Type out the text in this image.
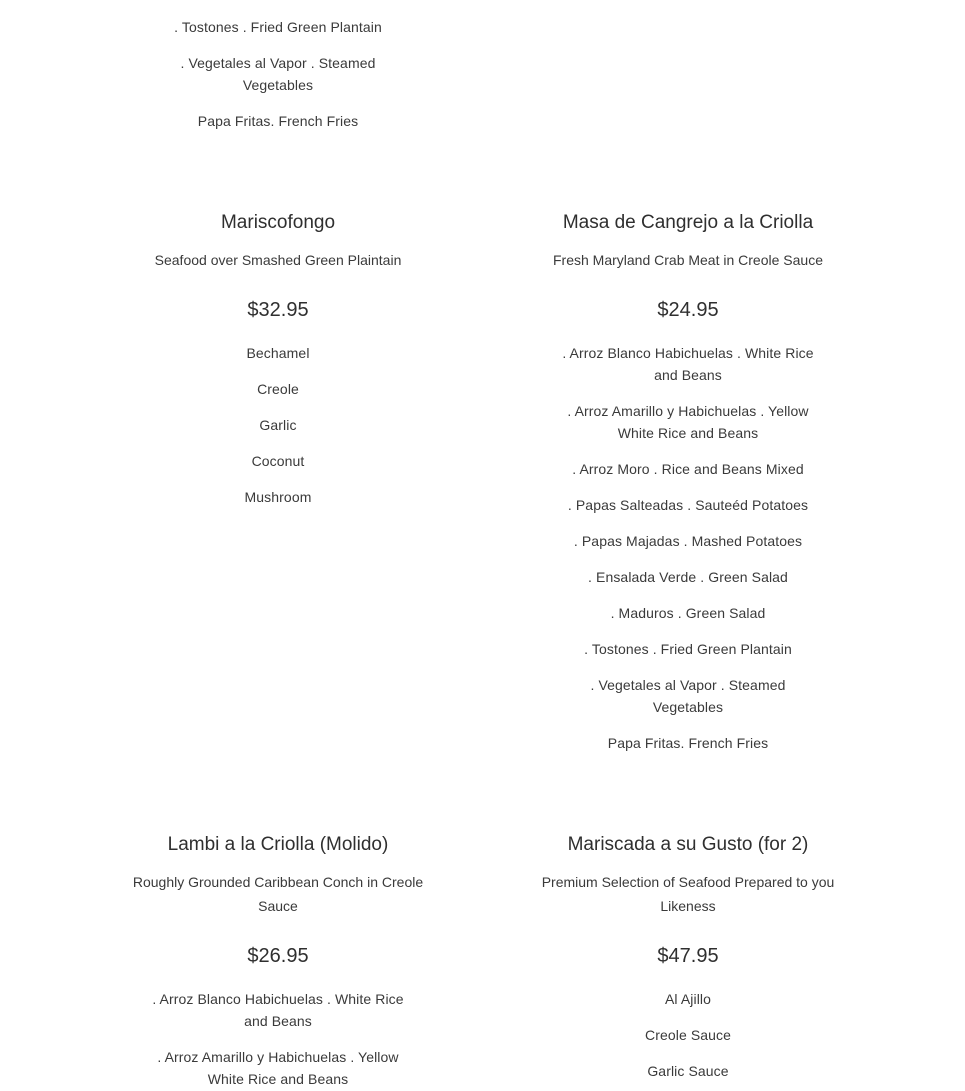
. Tostones . Fried Green Plantain
. Vegetales al Vapor . Steamed Vegetables
Papa Fritas. French Fries
Mariscofongo
Seafood over Smashed Green Plaintain
$32.95
Bechamel
Creole
Garlic
Coconut
Mushroom
Masa de Cangrejo a la Criolla
Fresh Maryland Crab Meat in Creole Sauce
$24.95
. Arroz Blanco Habichuelas . White Rice and Beans
. Arroz Amarillo y Habichuelas . Yellow White Rice and Beans
. Arroz Moro . Rice and Beans Mixed
. Papas Salteadas . Sauteéd Potatoes
. Papas Majadas . Mashed Potatoes
. Ensalada Verde . Green Salad
. Maduros . Green Salad
. Tostones . Fried Green Plantain
. Vegetales al Vapor . Steamed Vegetables
Papa Fritas. French Fries
Lambi a la Criolla (Molido)
Roughly Grounded Caribbean Conch in Creole Sauce
$26.95
. Arroz Blanco Habichuelas . White Rice and Beans
. Arroz Amarillo y Habichuelas . Yellow White Rice and Beans
Mariscada a su Gusto (for 2)
Premium Selection of Seafood Prepared to you Likeness
$47.95
Al Ajillo
Creole Sauce
Garlic Sauce
